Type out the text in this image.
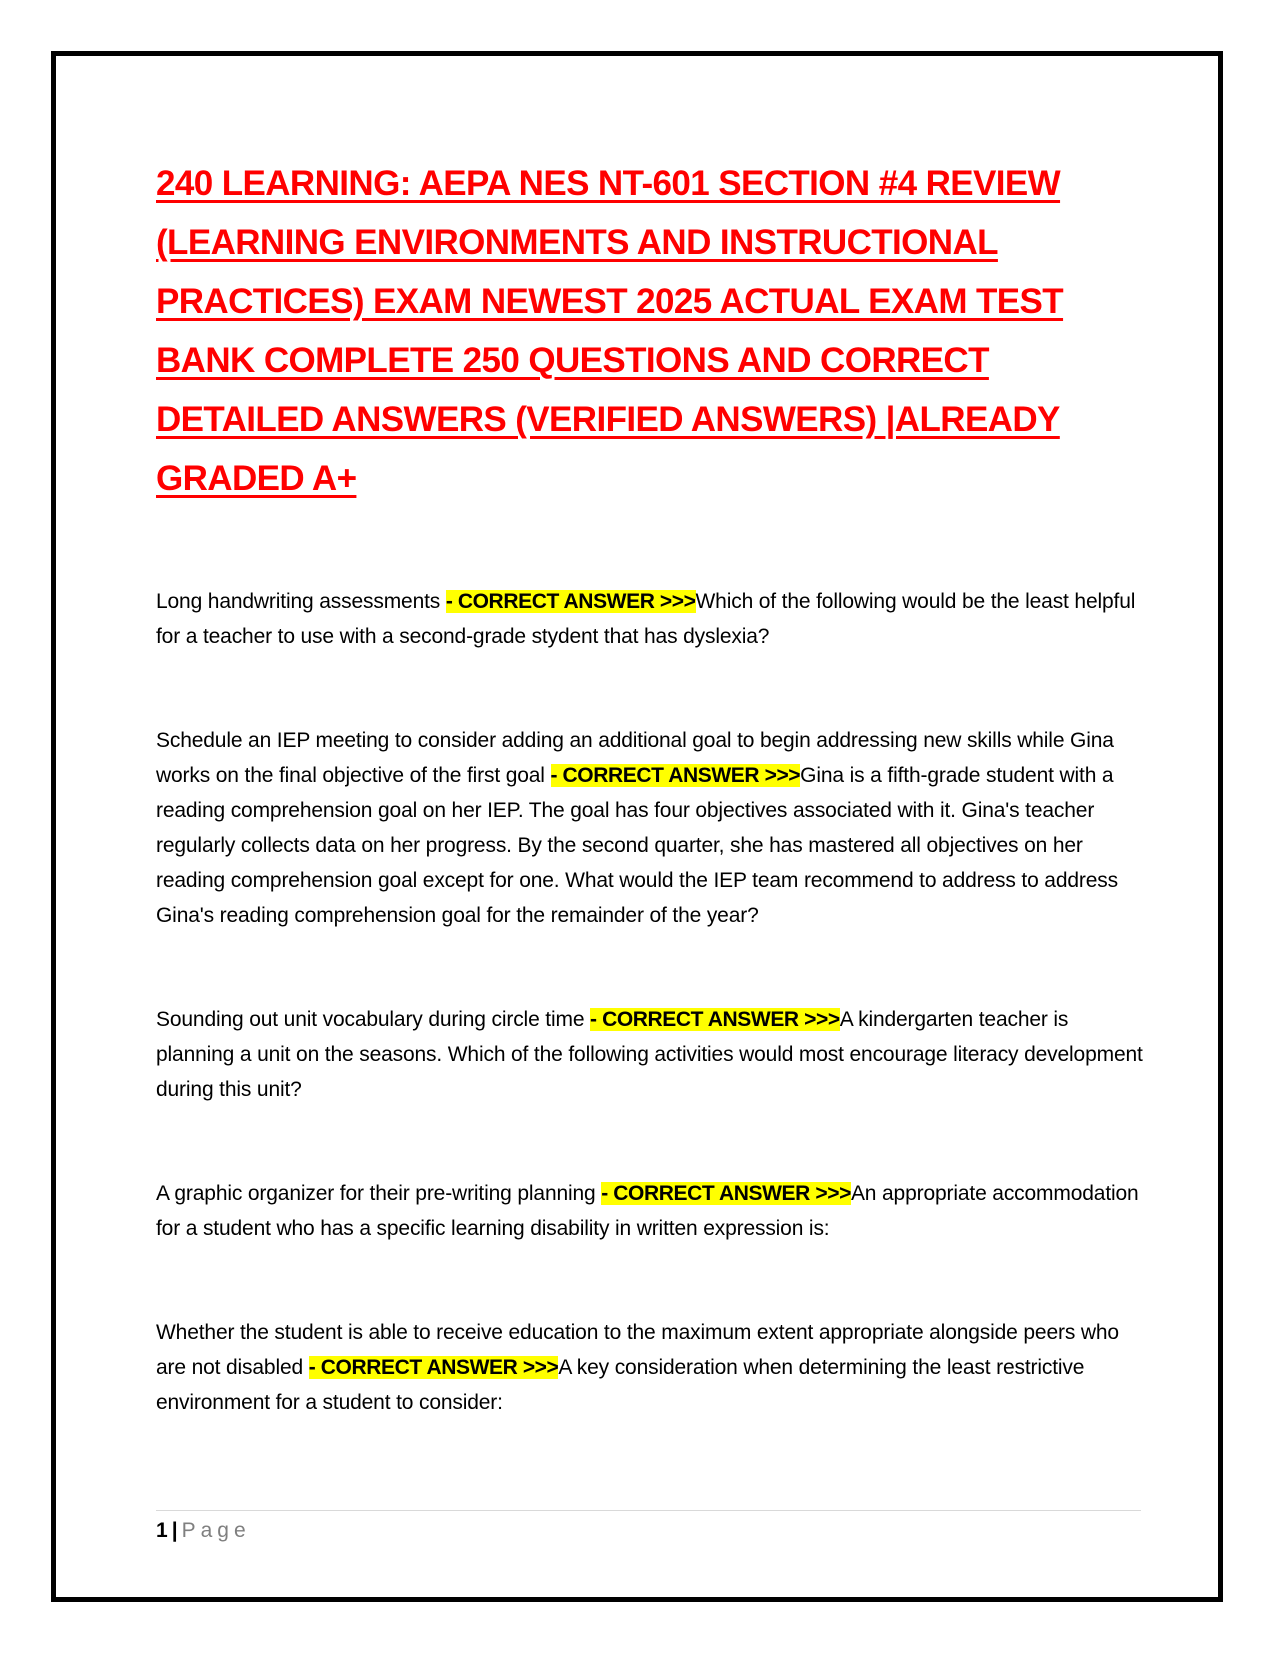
240 LEARNING: AEPA NES NT-601 SECTION #4 REVIEW (LEARNING ENVIRONMENTS AND INSTRUCTIONAL PRACTICES) EXAM NEWEST 2025 ACTUAL EXAM TEST BANK COMPLETE 250 QUESTIONS AND CORRECT DETAILED ANSWERS (VERIFIED ANSWERS) |ALREADY GRADED A+

Long handwriting assessments - CORRECT ANSWER >>>Which of the following would be the least helpful for a teacher to use with a second-grade stydent that has dyslexia?

Schedule an IEP meeting to consider adding an additional goal to begin addressing new skills while Gina works on the final objective of the first goal - CORRECT ANSWER >>>Gina is a fifth-grade student with a reading comprehension goal on her IEP. The goal has four objectives associated with it. Gina's teacher regularly collects data on her progress. By the second quarter, she has mastered all objectives on her reading comprehension goal except for one. What would the IEP team recommend to address to address Gina's reading comprehension goal for the remainder of the year?

Sounding out unit vocabulary during circle time - CORRECT ANSWER >>>A kindergarten teacher is planning a unit on the seasons. Which of the following activities would most encourage literacy development during this unit?

A graphic organizer for their pre-writing planning - CORRECT ANSWER >>>An appropriate accommodation for a student who has a specific learning disability in written expression is:

Whether the student is able to receive education to the maximum extent appropriate alongside peers who are not disabled - CORRECT ANSWER >>>A key consideration when determining the least restrictive environment for a student to consider:

1 | Page
